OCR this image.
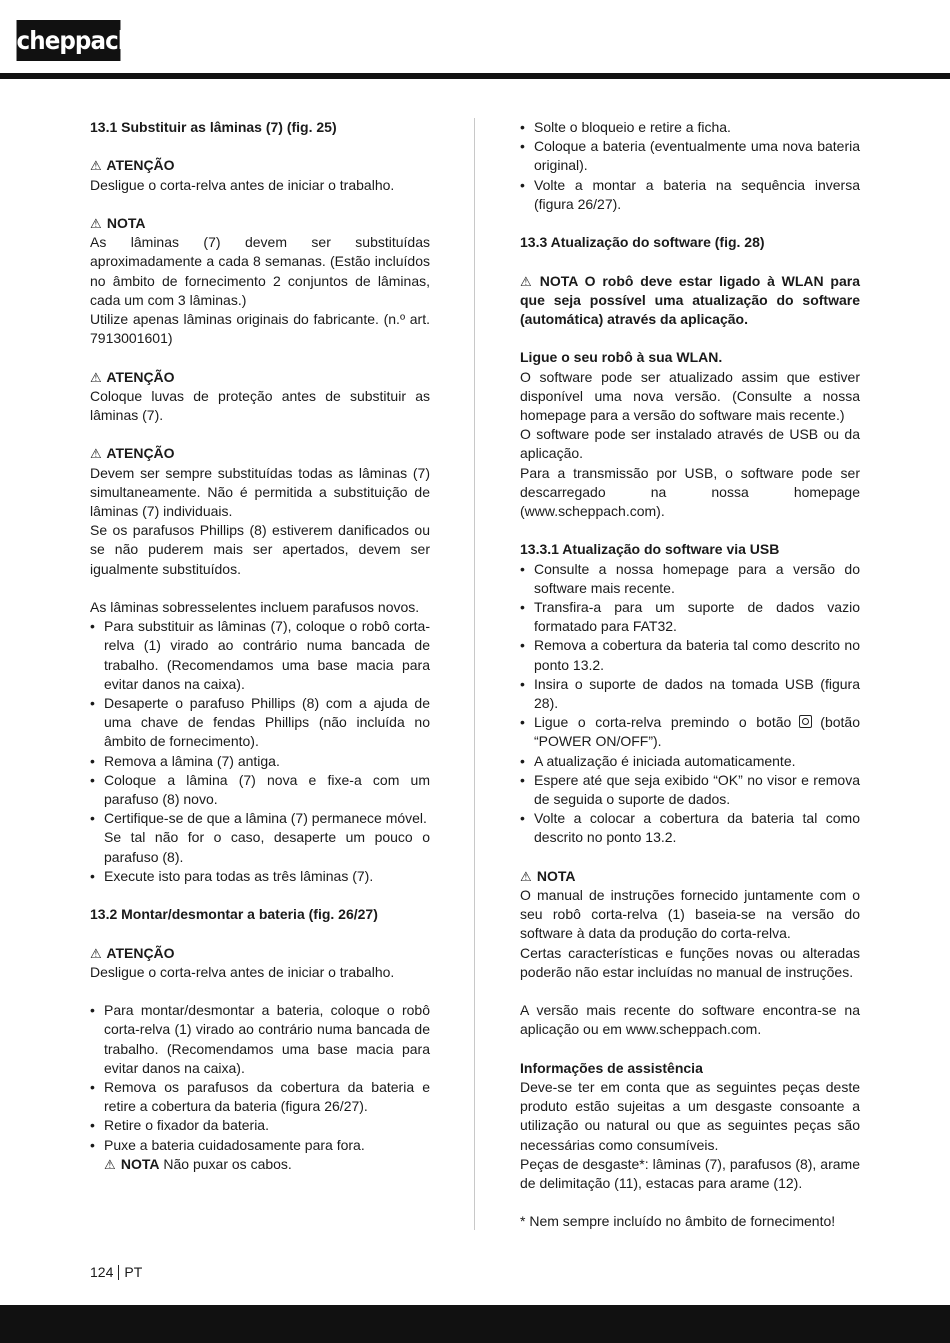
scheppach

13.1 Substituir as lâminas (7) (fig. 25)

⚠ ATENÇÃO

Desligue o corta-relva antes de iniciar o trabalho.

⚠ NOTA

As lâminas (7) devem ser substituídas aproximadamente a cada 8 semanas. (Estão incluídos no âmbito de fornecimento 2 conjuntos de lâminas, cada um com 3 lâminas.)

Utilize apenas lâminas originais do fabricante. (n.º art. 7913001601)

⚠ ATENÇÃO

Coloque luvas de proteção antes de substituir as lâminas (7).

⚠ ATENÇÃO

Devem ser sempre substituídas todas as lâminas (7) simultaneamente. Não é permitida a substituição de lâminas (7) individuais.

Se os parafusos Phillips (8) estiverem danificados ou se não puderem mais ser apertados, devem ser igualmente substituídos.

As lâminas sobresselentes incluem parafusos novos.

• Para substituir as lâminas (7), coloque o robô corta-relva (1) virado ao contrário numa bancada de trabalho. (Recomendamos uma base macia para evitar danos na caixa).
• Desaperte o parafuso Phillips (8) com a ajuda de uma chave de fendas Phillips (não incluída no âmbito de fornecimento).
• Remova a lâmina (7) antiga.
• Coloque a lâmina (7) nova e fixe-a com um parafuso (8) novo.
• Certifique-se de que a lâmina (7) permanece móvel.
Se tal não for o caso, desaperte um pouco o parafuso (8).
• Execute isto para todas as três lâminas (7).

13.2 Montar/desmontar a bateria (fig. 26/27)

⚠ ATENÇÃO

Desligue o corta-relva antes de iniciar o trabalho.

• Para montar/desmontar a bateria, coloque o robô corta-relva (1) virado ao contrário numa bancada de trabalho. (Recomendamos uma base macia para evitar danos na caixa).
• Remova os parafusos da cobertura da bateria e retire a cobertura da bateria (figura 26/27).
• Retire o fixador da bateria.
• Puxe a bateria cuidadosamente para fora.
⚠ NOTA Não puxar os cabos.
• Solte o bloqueio e retire a ficha.
• Coloque a bateria (eventualmente uma nova bateria original).
• Volte a montar a bateria na sequência inversa (figura 26/27).

13.3 Atualização do software (fig. 28)

⚠ NOTA O robô deve estar ligado à WLAN para que seja possível uma atualização do software (automática) através da aplicação.

Ligue o seu robô à sua WLAN.

O software pode ser atualizado assim que estiver disponível uma nova versão. (Consulte a nossa homepage para a versão do software mais recente.)

O software pode ser instalado através de USB ou da aplicação.

Para a transmissão por USB, o software pode ser descarregado na nossa homepage (www.scheppach.com).

13.3.1 Atualização do software via USB

• Consulte a nossa homepage para a versão do software mais recente.
• Transfira-a para um suporte de dados vazio formatado para FAT32.
• Remova a cobertura da bateria tal como descrito no ponto 13.2.
• Insira o suporte de dados na tomada USB (figura 28).
• Ligue o corta-relva premindo o botão (botão “POWER ON/OFF”).
• A atualização é iniciada automaticamente.
• Espere até que seja exibido “OK” no visor e remova de seguida o suporte de dados.
• Volte a colocar a cobertura da bateria tal como descrito no ponto 13.2.

⚠ NOTA

O manual de instruções fornecido juntamente com o seu robô corta-relva (1) baseia-se na versão do software à data da produção do corta-relva.

Certas características e funções novas ou alteradas poderão não estar incluídas no manual de instruções.

A versão mais recente do software encontra-se na aplicação ou em www.scheppach.com.

Informações de assistência

Deve-se ter em conta que as seguintes peças deste produto estão sujeitas a um desgaste consoante a utilização ou natural ou que as seguintes peças são necessárias como consumíveis.

Peças de desgaste*: lâminas (7), parafusos (8), arame de delimitação (11), estacas para arame (12).

* Nem sempre incluído no âmbito de fornecimento!

124 PT
